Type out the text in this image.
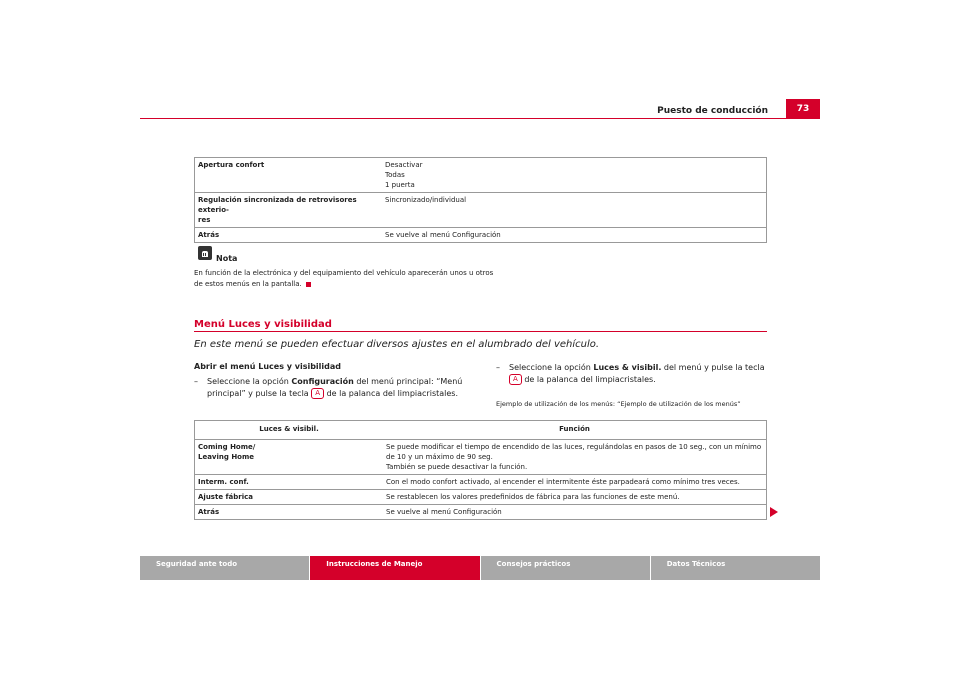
Puesto de conducción	73
Apertura confort	Desactivar
Todas
1 puerta
Regulación sincronizada de retrovisores exterio-
res	Sincronizado/individual
Atrás	Se vuelve al menú Configuración
Nota
En función de la electrónica y del equipamiento del vehículo aparecerán unos u otros de estos menús en la pantalla.
Menú Luces y visibilidad
En este menú se pueden efectuar diversos ajustes en el alumbrado del vehículo.
Abrir el menú Luces y visibilidad
–	Seleccione la opción Configuración del menú principal: “Menú principal” y pulse la tecla A de la palanca del limpiacristales.
–	Seleccione la opción Luces & visibil. del menú y pulse la tecla A de la palanca del limpiacristales.
Ejemplo de utilización de los menús: “Ejemplo de utilización de los menús”
Luces & visibil.	Función
Coming Home/
Leaving Home	Se puede modificar el tiempo de encendido de las luces, regulándolas en pasos de 10 seg., con un mínimo de 10 y un máximo de 90 seg.
También se puede desactivar la función.
Interm. conf.	Con el modo confort activado, al encender el intermitente éste parpadeará como mínimo tres veces.
Ajuste fábrica	Se restablecen los valores predefinidos de fábrica para las funciones de este menú.
Atrás	Se vuelve al menú Configuración
Seguridad ante todo	Instrucciones de Manejo	Consejos prácticos	Datos Técnicos
